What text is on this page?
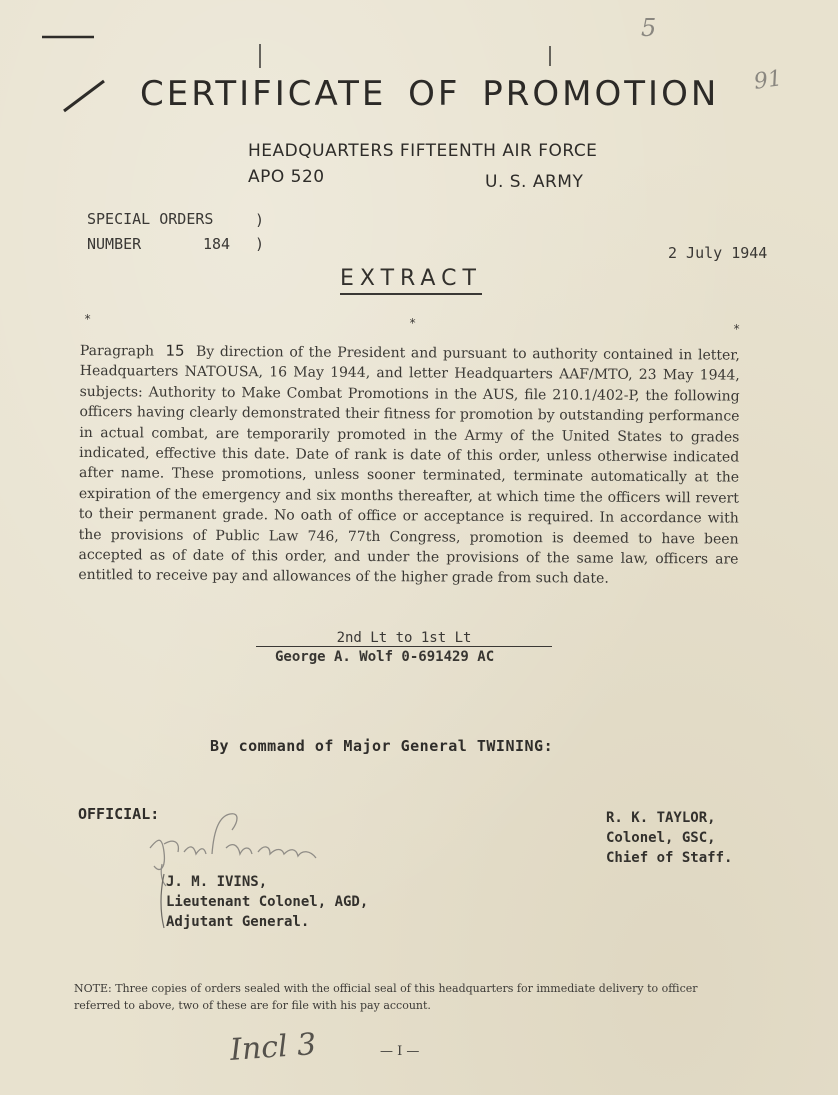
5
91
CERTIFICATE OF PROMOTION
HEADQUARTERS FIFTEENTH AIR FORCE
APO 520	U. S. ARMY
SPECIAL ORDERS	)
NUMBER	184 )	2 July 1944
EXTRACT
*	*	*
Paragraph 15 By direction of the President and pursuant to authority contained in letter, Headquarters NATOUSA, 16 May 1944, and letter Headquarters AAF/MTO, 23 May 1944, subjects: Authority to Make Combat Promotions in the AUS, file 210.1/402-P, the following officers having clearly demonstrated their fitness for promotion by outstanding performance in actual combat, are temporarily promoted in the Army of the United States to grades indicated, effective this date. Date of rank is date of this order, unless otherwise indicated after name. These promotions, unless sooner terminated, terminate automatically at the expiration of the emergency and six months thereafter, at which time the officers will revert to their permanent grade. No oath of office or acceptance is required. In accordance with the provisions of Public Law 746, 77th Congress, promotion is deemed to have been accepted as of date of this order, and under the provisions of the same law, officers are entitled to receive pay and allowances of the higher grade from such date.
2nd Lt to 1st Lt
George A. Wolf 0-691429 AC
By command of Major General TWINING:
OFFICIAL:	R. K. TAYLOR,
Colonel, GSC,
Chief of Staff.
J. M. IVINS,
Lieutenant Colonel, AGD,
Adjutant General.
NOTE: Three copies of orders sealed with the official seal of this headquarters for immediate delivery to officer referred to above, two of these are for file with his pay account.
Incl 3	— I —
